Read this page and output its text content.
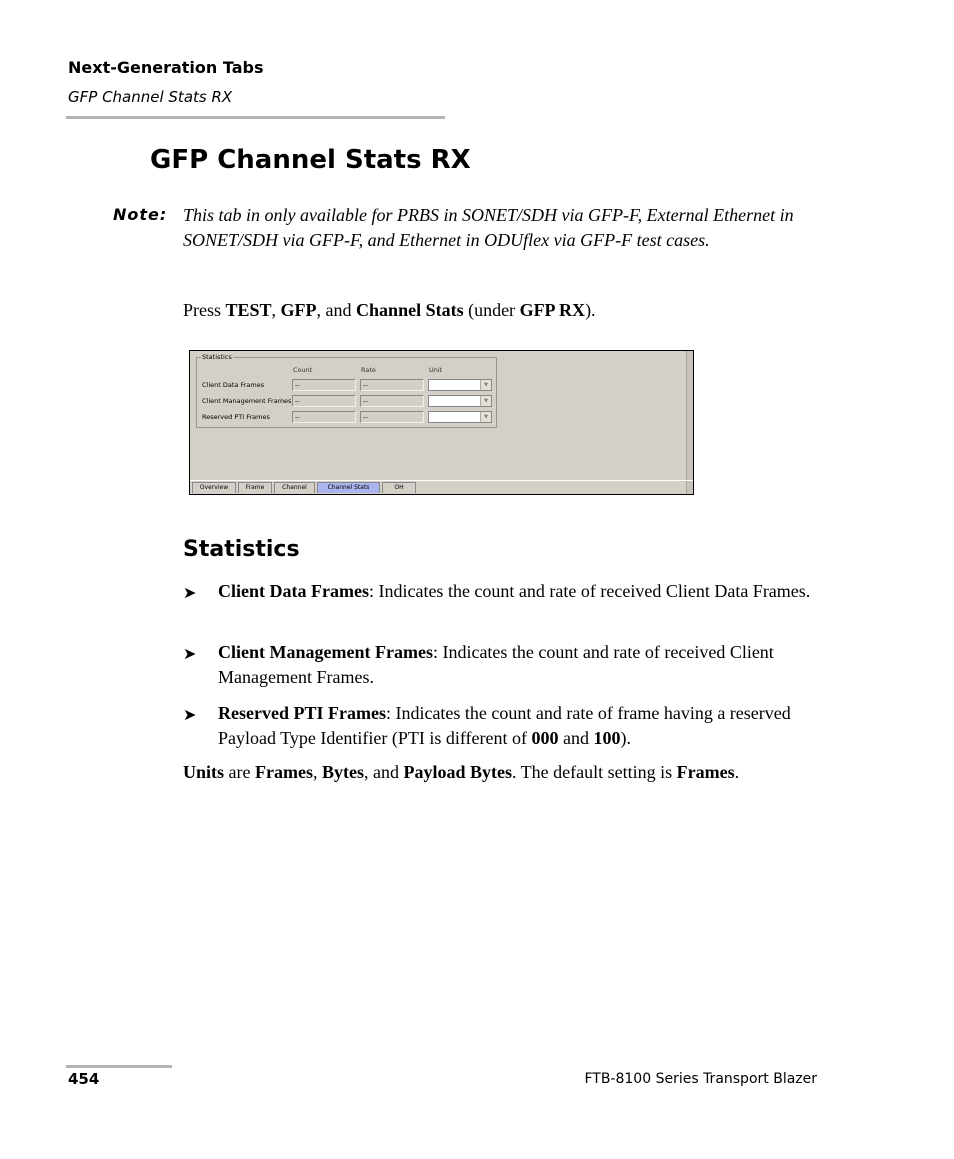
Next-Generation Tabs
GFP Channel Stats RX
GFP Channel Stats RX
Note: This tab in only available for PRBS in SONET/SDH via GFP-F, External Ethernet in SONET/SDH via GFP-F, and Ethernet in ODUflex via GFP-F test cases.
Press TEST, GFP, and Channel Stats (under GFP RX).
Statistics
Count	Rate	Unit
Client Data Frames	--	--	▼
Client Management Frames --	--	▼
Reserved PTI Frames	--	--	▼
Overview	Frame	Channel	Channel Stats	OH
Statistics
➤ Client Data Frames: Indicates the count and rate of received Client Data Frames.
➤ Client Management Frames: Indicates the count and rate of received Client Management Frames.
➤ Reserved PTI Frames: Indicates the count and rate of frame having a reserved Payload Type Identifier (PTI is different of 000 and 100).
Units are Frames, Bytes, and Payload Bytes. The default setting is Frames.
454	FTB-8100 Series Transport Blazer
